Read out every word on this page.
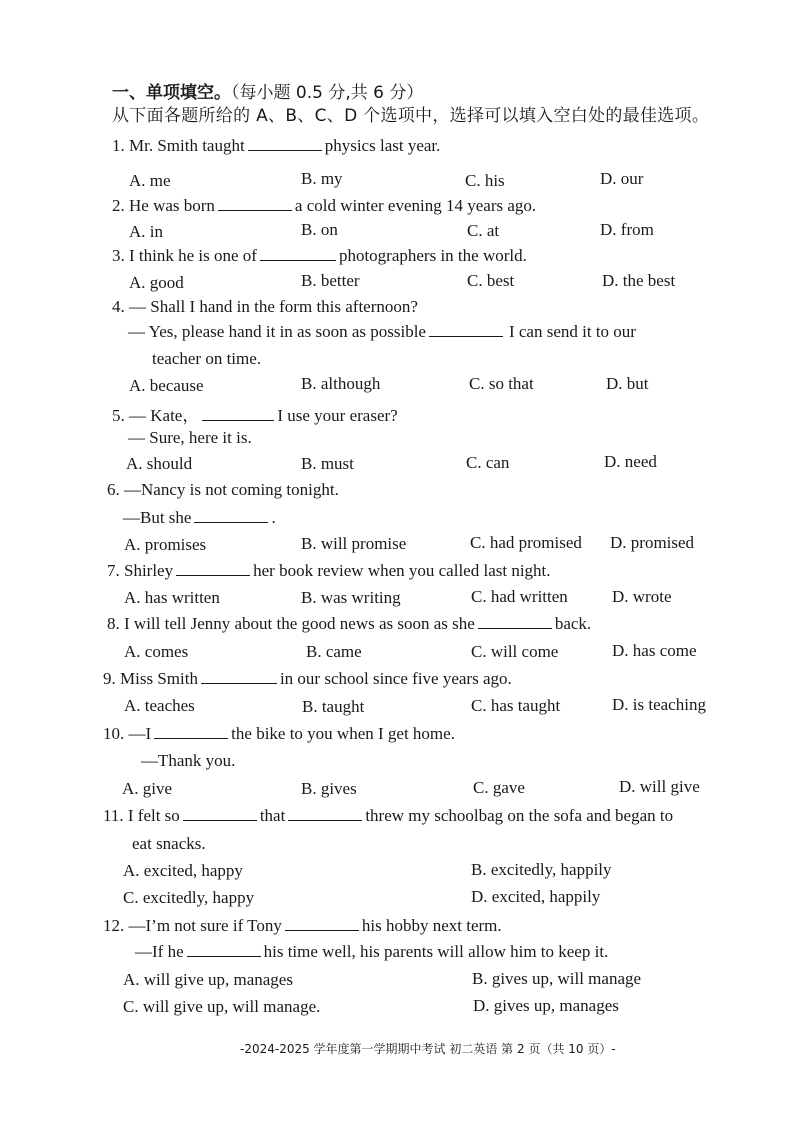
一、单项填空。（每小题 0.5 分,共 6 分）
从下面各题所给的 A、B、C、D 个选项中，选择可以填入空白处的最佳选项。
1. Mr. Smith taught	physics last year.
A. me	B. my	C. his	D. our
2. He was born	a cold winter evening 14 years ago.
A. in	B. on	C. at	D. from
3. I think he is one of	photographers in the world.
A. good	B. better	C. best	D. the best
4. — Shall I hand in the form this afternoon?
— Yes, please hand it in as soon as possible	I can send it to our
teacher on time.
A. because	B. although	C. so that	D. but
5. — Kate，	I use your eraser?
— Sure, here it is.
A. should	B. must	C. can	D. need
6. —Nancy is not coming tonight.
—But she	.
A. promises	B. will promise	C. had promised D. promised
7. Shirley	her book review when you called last night.
A. has written	B. was writing	C. had written	D. wrote
8. I will tell Jenny about the good news as soon as she	back.
A. comes	B. came	C. will come	D. has come
9. Miss Smith	in our school since five years ago.
A. teaches	B. taught	C. has taught	D. is teaching
10. —I	the bike to you when I get home.
—Thank you.
A. give	B. gives	C. gave	D. will give
11. I felt so	that	threw my schoolbag on the sofa and began to
eat snacks.
A. excited, happy	B. excitedly, happily
C. excitedly, happy	D. excited, happily
12. —I’m not sure if Tony	his hobby next term.
—If he	his time well, his parents will allow him to keep it.
A. will give up, manages	B. gives up, will manage
C. will give up, will manage.	D. gives up, manages
-2024-2025 学年度第一学期期中考试 初二英语 第 2 页（共 10 页）-
